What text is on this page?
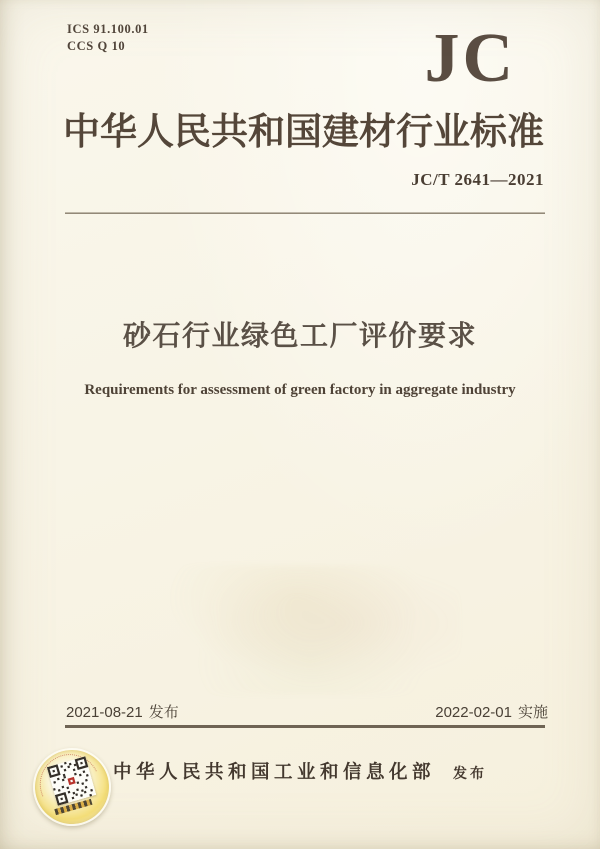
ICS 91.100.01
CCS Q 10	JC
中华人民共和国建材行业标准
JC/T 2641—2021
砂石行业绿色工厂评价要求
Requirements for assessment of green factory in aggregate industry
2021-08-21 发布	2022-02-01 实施
中华人民共和国工业和信息化部 发布
